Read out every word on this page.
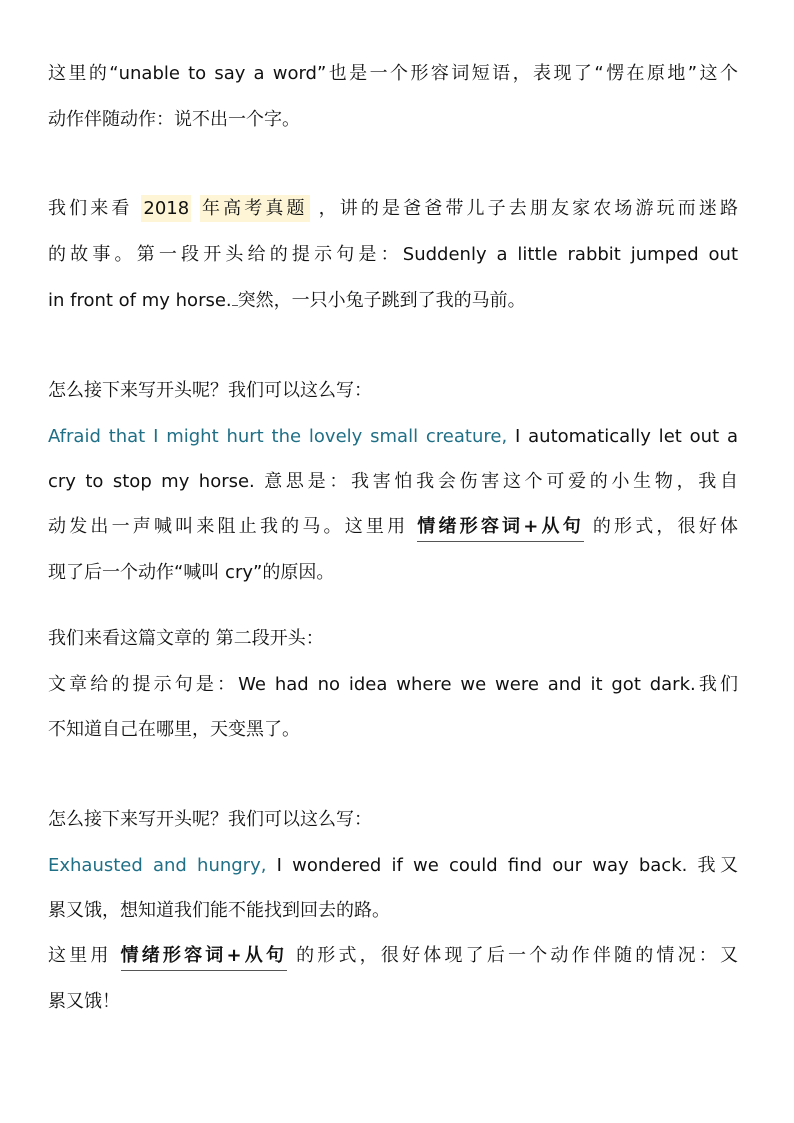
这里的“unable to say a word”也是一个形容词短语，表现了“愣在原地”这个
动作伴随动作：说不出一个字。
我们来看 2018 年高考真题 ，讲的是爸爸带儿子去朋友家农场游玩而迷路
的故事。第一段开头给的提示句是：Suddenly a little rabbit jumped out
in front of my horse. 突然，一只小兔子跳到了我的马前。
怎么接下来写开头呢？我们可以这么写：
Afraid that I might hurt the lovely small creature, I automatically let out a
cry to stop my horse. 意思是：我害怕我会伤害这个可爱的小生物，我自
动发出一声喊叫来阻止我的马。这里用 情绪形容词+从句 的形式，很好体
现了后一个动作“喊叫 cry”的原因。
我们来看这篇文章的 第二段开头：
文章给的提示句是：We had no idea where we were and it got dark.我们
不知道自己在哪里，天变黑了。
怎么接下来写开头呢？我们可以这么写：
Exhausted and hungry, I wondered if we could find our way back. 我又
累又饿，想知道我们能不能找到回去的路。
这里用 情绪形容词+从句 的形式，很好体现了后一个动作伴随的情况：又
累又饿！
